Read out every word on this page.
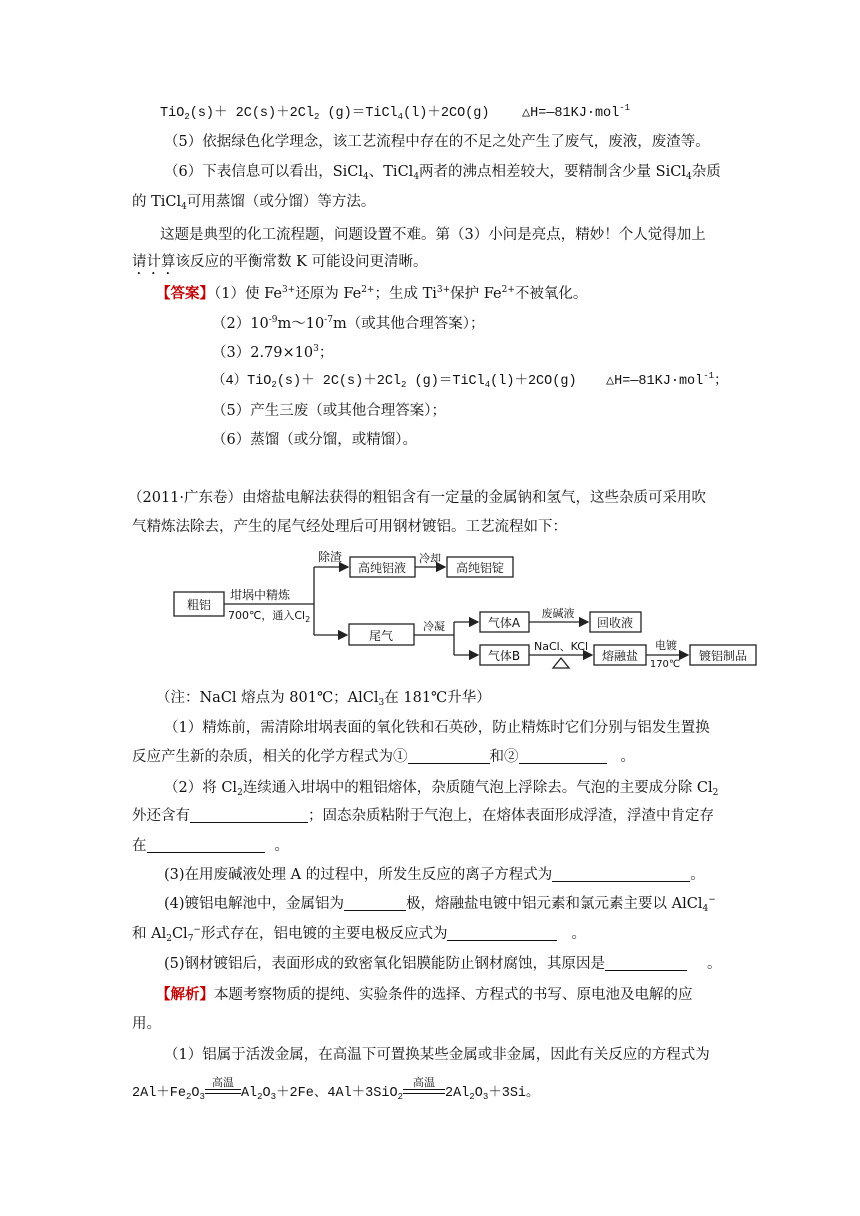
$TiO_2(s)+ 2C(s)+2Cl_2$ (g)＝TiCl$_4$(l)＋2CO(g) △H=—81KJ·mol$^{-1}$
（5）依据绿色化学理念，该工艺流程中存在的不足之处产生了废气，废液，废渣等。
（6）下表信息可以看出，SiCl$_4$、TiCl$_4$两者的沸点相差较大，要精制含少量 SiCl$_4$杂质
的 TiCl$_4$可用蒸馏（或分馏）等方法。
这题是典型的化工流程题，问题设置不难。第（3）小问是亮点，精妙！个人觉得加上
请计算该反应的平衡常数 K 可能设问更清晰。
【答案】（1）使 $Fe^{3+}$还原为 $Fe^{2+}$；生成 $Ti^{3+}$保护 $Fe^{2+}$不被氧化。
$(2)10^{-9}m\sim 10^{-7}m$（或其他合理答案）；
$(3)2.79\times 10^3$；
$(4)TiO_2(s)+ 2C(s)+2Cl_2$ (g)＝TiCl$_4$(l)＋2CO(g) △H=—81KJ·mol$^{-1}$；
（5）产生三废（或其他合理答案）；
（6）蒸馏（或分馏，或精馏）。
（2011·广东卷）由熔盐电解法获得的粗铝含有一定量的金属钠和氢气，这些杂质可采用吹
气精炼法除去，产生的尾气经处理后可用钢材镀铝。工艺流程如下：
粗铝
坩埚中精炼
700℃，通入$Cl_2$
除渣
高纯铝液
冷却
高纯铝锭
尾气
冷凝	气体A
废碱液
回收液
气体B
NaCl、KCl
熔融盐
电镀
170℃
镀铝制品
（注：NaCl 熔点为 801℃；AlCl$_3$在 181℃升华）
（1）精炼前，需清除坩埚表面的氧化铁和石英砂，防止精炼时它们分别与铝发生置换
反应产生新的杂质，相关的化学方程式为①	和②	。
（2）将 $Cl_2$连续通入坩埚中的粗铝熔体，杂质随气泡上浮除去。气泡的主要成分除 $Cl_2$
外还含有	；固态杂质粘附于气泡上，在熔体表面形成浮渣，浮渣中肯定存
在	。
(3)在用废碱液处理 A 的过程中，所发生反应的离子方程式为	。
(4)镀铝电解池中，金属铝为	极，熔融盐电镀中铝元素和氯元素主要以 AlCl$_4$−
和 $Al_2Cl_7^-$形式存在，铝电镀的主要电极反应式为	。
(5)钢材镀铝后，表面形成的致密氧化铝膜能防止钢材腐蚀，其原因是	。
【解析】本题考察物质的提纯、实验条件的选择、方程式的书写、原电池及电解的应
用。
（1）铝属于活泼金属，在高温下可置换某些金属或非金属，因此有关反应的方程式为
$2Al+Fe_2O_3$
高温
$Al_2O_3+2Fe$、4Al＋3SiO$_2$
高温
$2Al_2O_3+3Si$。
